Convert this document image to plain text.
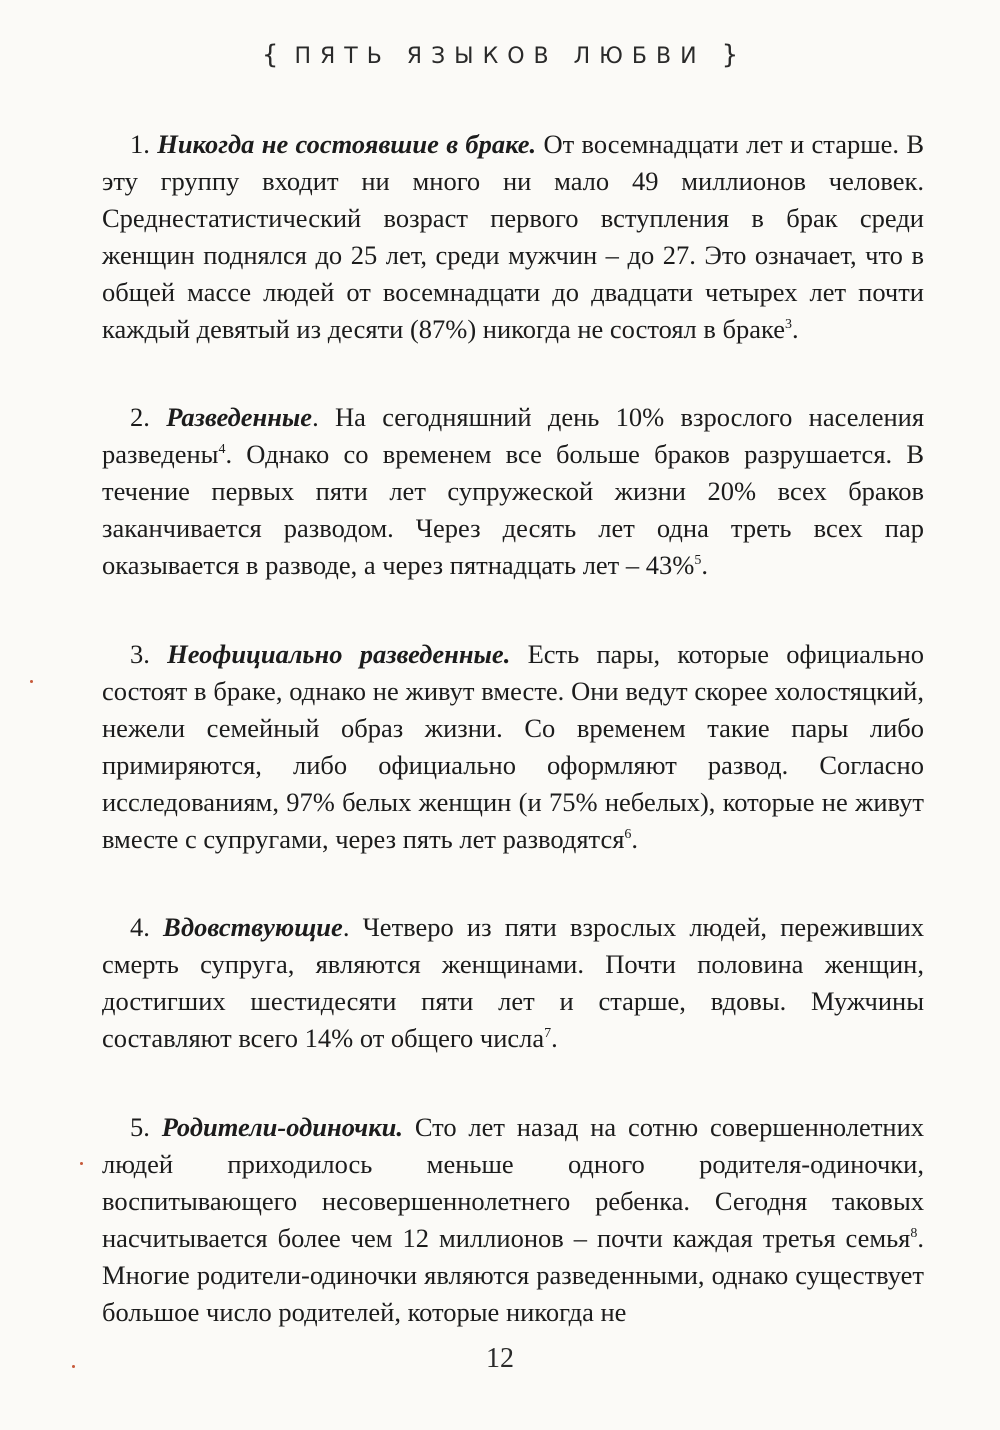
{ ПЯТЬ ЯЗЫКОВ ЛЮБВИ }

1. Никогда не состоявшие в браке. От восемнадцати лет и старше. В эту группу входит ни много ни мало 49 миллионов человек. Среднестатистический возраст первого вступления в брак среди женщин поднялся до 25 лет, среди мужчин – до 27. Это означает, что в общей массе людей от восемнадцати до двадцати четырех лет почти каждый девятый из десяти (87%) никогда не состоял в браке$^3$.

2. Разведенные. На сегодняшний день 10% взрослого населения разведены$^4$. Однако со временем все больше браков разрушается. В течение первых пяти лет супружеской жизни 20% всех браков заканчивается разводом. Через десять лет одна треть всех пар оказывается в разводе, а через пятнадцать лет – 43%$^5$.

3. Неофициально разведенные. Есть пары, которые официально состоят в браке, однако не живут вместе. Они ведут скорее холостяцкий, нежели семейный образ жизни. Со временем такие пары либо примиряются, либо официально оформляют развод. Согласно исследованиям, 97% белых женщин (и 75% небелых), которые не живут вместе с супругами, через пять лет разводятся$^6$.

4. Вдовствующие. Четверо из пяти взрослых людей, переживших смерть супруга, являются женщинами. Почти половина женщин, достигших шестидесяти пяти лет и старше, вдовы. Мужчины составляют всего 14% от общего числа$^7$.

5. Родители-одиночки. Сто лет назад на сотню совершеннолетних людей приходилось меньше одного родителя-одиночки, воспитывающего несовершеннолетнего ребенка. Сегодня таковых насчитывается более чем 12 миллионов – почти каждая третья семья$^8$. Многие родители-одиночки являются разведенными, однако существует большое число родителей, которые никогда не

12
